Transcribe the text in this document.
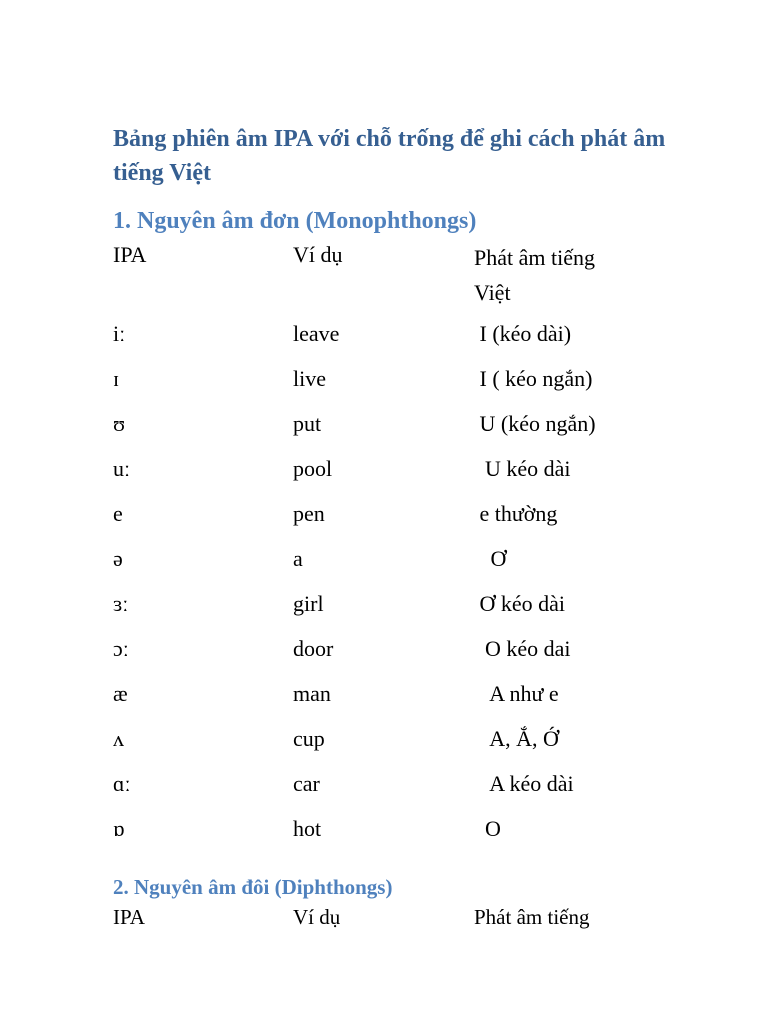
Bảng phiên âm IPA với chỗ trống để ghi cách phát âm tiếng Việt
1. Nguyên âm đơn (Monophthongs)
IPA	Ví dụ	Phát âm tiếng Việt
iː	leave	I (kéo dài)
ɪ	live	I ( kéo ngắn)
ʊ	put	U (kéo ngắn)
uː	pool	U kéo dài
e	pen	e thường
ə	a	Ơ
ɜː	girl	Ơ kéo dài
ɔː	door	O kéo dai
æ	man	A như e
ʌ	cup	A, Ắ, Ớ
ɑː	car	A kéo dài
ɒ	hot	O
2. Nguyên âm đôi (Diphthongs)
IPA	Ví dụ	Phát âm tiếng
